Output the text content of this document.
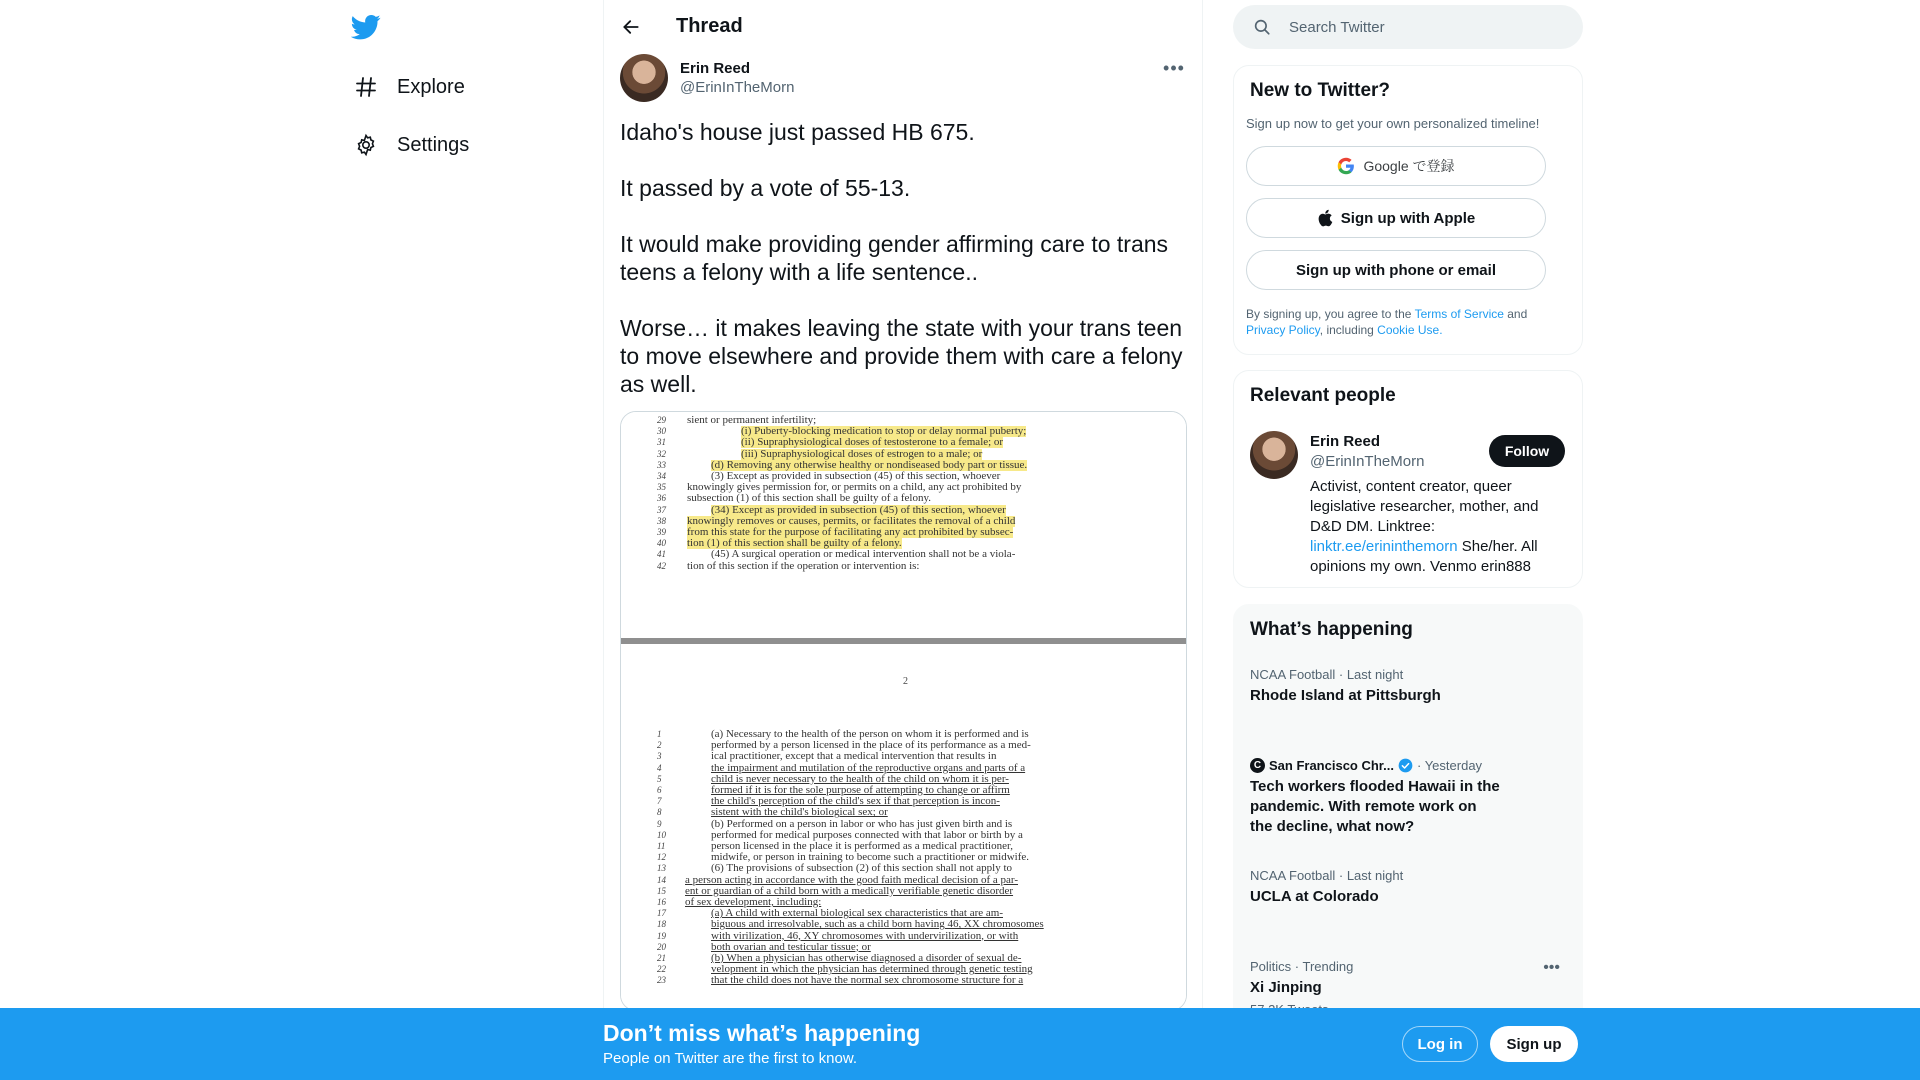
Explore
Settings
Thread
Erin Reed
@ErinInTheMorn
•••

Idaho's house just passed HB 675.

It passed by a vote of 55-13.

It would make providing gender affirming care to trans teens a felony with a life sentence..

Worse… it makes leaving the state with your trans teen to move elsewhere and provide them with care a felony as well.

29 sient or permanent infertility;
30	(i) Puberty-blocking medication to stop or delay normal puberty;
31	(ii) Supraphysiological doses of testosterone to a female; or
32	(iii) Supraphysiological doses of estrogen to a male; or
33	(d) Removing any otherwise healthy or nondiseased body part or tissue.
34	(3) Except as provided in subsection (45) of this section, whoever
35 knowingly gives permission for, or permits on a child, any act prohibited by
36 subsection (1) of this section shall be guilty of a felony.
37	(34) Except as provided in subsection (45) of this section, whoever
38 knowingly removes or causes, permits, or facilitates the removal of a child
39 from this state for the purpose of facilitating any act prohibited by subsec-
40 tion (1) of this section shall be guilty of a felony.
41	(45) A surgical operation or medical intervention shall not be a viola-
42 tion of this section if the operation or intervention is:
2
1	(a) Necessary to the health of the person on whom it is performed and is
2	performed by a person licensed in the place of its performance as a med-
3	ical practitioner, except that a medical intervention that results in
4	the impairment and mutilation of the reproductive organs and parts of a
5	child is never necessary to the health of the child on whom it is per-
6	formed if it is for the sole purpose of attempting to change or affirm
7	the child's perception of the child's sex if that perception is incon-
8	sistent with the child's biological sex; or
9	(b) Performed on a person in labor or who has just given birth and is
10	performed for medical purposes connected with that labor or birth by a
11	person licensed in the place it is performed as a medical practitioner,
12	midwife, or person in training to become such a practitioner or midwife.
13	(6) The provisions of subsection (2) of this section shall not apply to
14 a person acting in accordance with the good faith medical decision of a par-
15 ent or guardian of a child born with a medically verifiable genetic disorder
16 of sex development, including:
17	(a) A child with external biological sex characteristics that are am-
18	biguous and irresolvable, such as a child born having 46, XX chromosomes
19	with virilization, 46, XY chromosomes with undervirilization, or with
20	both ovarian and testicular tissue; or
21	(b) When a physician has otherwise diagnosed a disorder of sexual de-
22	velopment in which the physician has determined through genetic testing
23	that the child does not have the normal sex chromosome structure for a
Search Twitter
New to Twitter?
Sign up now to get your own personalized timeline!
Google で登録
Sign up with Apple
Sign up with phone or email
By signing up, you agree to the Terms of Service and Privacy Policy, including Cookie Use.
Relevant people
Erin Reed
@ErinInTheMorn
Follow
Activist, content creator, queer legislative researcher, mother, and D&D DM. Linktree: linktr.ee/erininthemorn She/her. All opinions my own. Venmo erin888
What’s happening
NCAA Football · Last night
Rhode Island at Pittsburgh
C San Francisco Chr... · Yesterday
Tech workers flooded Hawaii in the pandemic. With remote work on the decline, what now?
NCAA Football · Last night
UCLA at Colorado
Politics · Trending
Xi Jinping
•••
Don’t miss what’s happening
People on Twitter are the first to know.
Log in	Sign up
